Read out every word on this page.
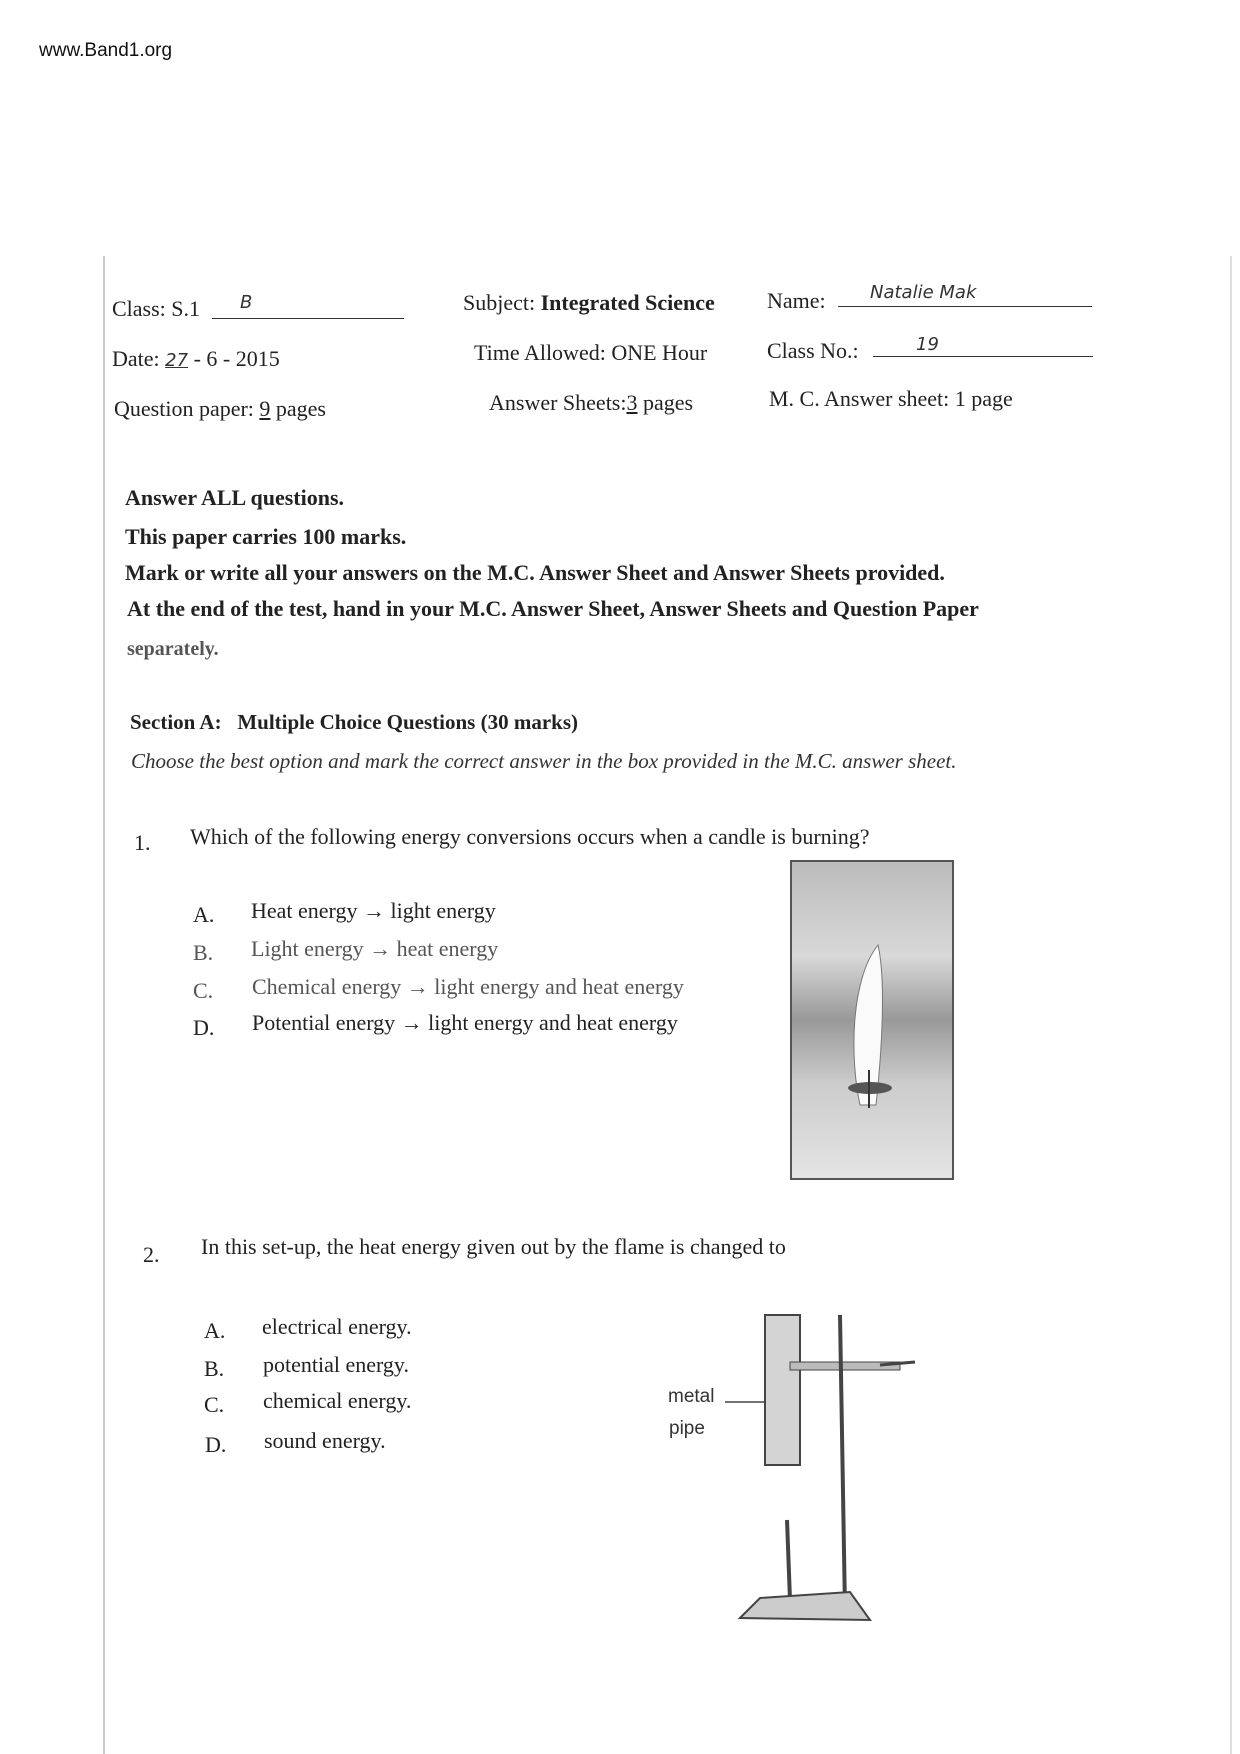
www.Band1.org
Class: S.1 B	Subject: Integrated Science Name: Natalie Mak
Date: 27 - 6 - 2015	Time Allowed: ONE Hour	Class No.:	19
Question paper: 9 pages	Answer Sheets:3 pages	M. C. Answer sheet: 1 page
Answer ALL questions.
This paper carries 100 marks.
Mark or write all your answers on the M.C. Answer Sheet and Answer Sheets provided.
At the end of the test, hand in your M.C. Answer Sheet, Answer Sheets and Question Paper
separately.
Section A: Multiple Choice Questions (30 marks)
Choose the best option and mark the correct answer in the box provided in the M.C. answer sheet.
1. Which of the following energy conversions occurs when a candle is burning?
A. Heat energy → light energy
B. Light energy → heat energy
C. Chemical energy → light energy and heat energy
D. Potential energy → light energy and heat energy
2. In this set-up, the heat energy given out by the flame is changed to
A. electrical energy.
B. potential energy.
C. chemical energy.
D. sound energy.
metal
pipe
